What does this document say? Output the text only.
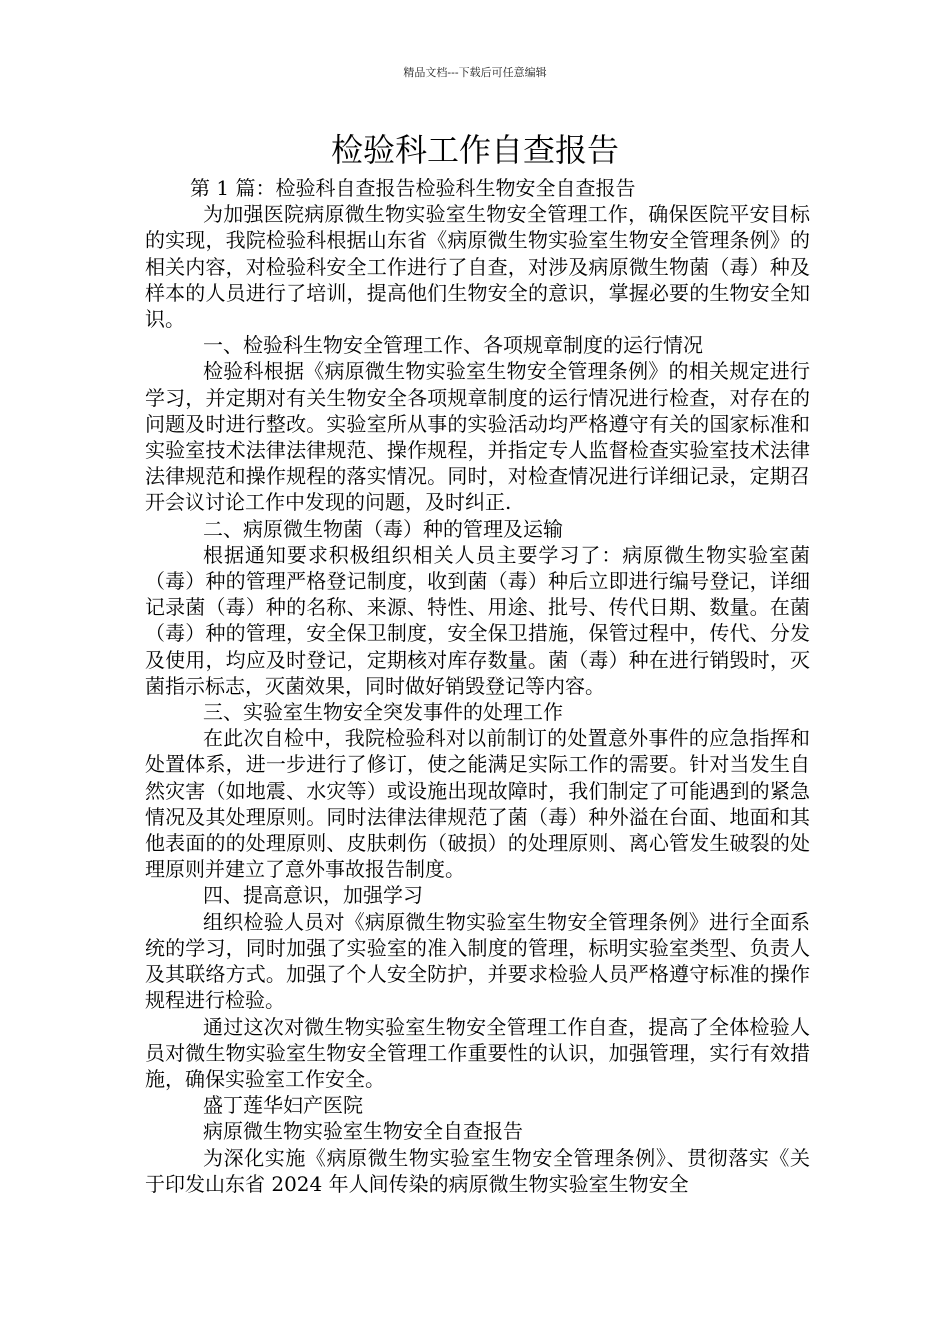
精品文档---下载后可任意编辑
检验科工作自查报告

第 1 篇：检验科自查报告检验科生物安全自查报告

为加强医院病原微生物实验室生物安全管理工作，确保医院平安目标的实现，我院检验科根据山东省《病原微生物实验室生物安全管理条例》的相关内容，对检验科安全工作进行了自查，对涉及病原微生物菌（毒）种及样本的人员进行了培训，提高他们生物安全的意识，掌握必要的生物安全知识。

一、检验科生物安全管理工作、各项规章制度的运行情况

检验科根据《病原微生物实验室生物安全管理条例》的相关规定进行学习，并定期对有关生物安全各项规章制度的运行情况进行检查，对存在的问题及时进行整改。实验室所从事的实验活动均严格遵守有关的国家标准和实验室技术法律法律规范、操作规程，并指定专人监督检查实验室技术法律法律规范和操作规程的落实情况。同时，对检查情况进行详细记录，定期召开会议讨论工作中发现的问题，及时纠正.

二、病原微生物菌（毒）种的管理及运输

根据通知要求积极组织相关人员主要学习了：病原微生物实验室菌（毒）种的管理严格登记制度，收到菌（毒）种后立即进行编号登记，详细记录菌（毒）种的名称、来源、特性、用途、批号、传代日期、数量。在菌（毒）种的管理，安全保卫制度，安全保卫措施，保管过程中，传代、分发及使用，均应及时登记，定期核对库存数量。菌（毒）种在进行销毁时，灭菌指示标志，灭菌效果，同时做好销毁登记等内容。

三、实验室生物安全突发事件的处理工作

在此次自检中，我院检验科对以前制订的处置意外事件的应急指挥和处置体系，进一步进行了修订，使之能满足实际工作的需要。针对当发生自然灾害（如地震、水灾等）或设施出现故障时，我们制定了可能遇到的紧急情况及其处理原则。同时法律法律规范了菌（毒）种外溢在台面、地面和其他表面的的处理原则、皮肤刺伤（破损）的处理原则、离心管发生破裂的处理原则并建立了意外事故报告制度。

四、提高意识，加强学习

组织检验人员对《病原微生物实验室生物安全管理条例》进行全面系统的学习，同时加强了实验室的准入制度的管理，标明实验室类型、负责人及其联络方式。加强了个人安全防护，并要求检验人员严格遵守标准的操作规程进行检验。

通过这次对微生物实验室生物安全管理工作自查，提高了全体检验人员对微生物实验室生物安全管理工作重要性的认识，加强管理，实行有效措施，确保实验室工作安全。

盛丁莲华妇产医院

病原微生物实验室生物安全自查报告

为深化实施《病原微生物实验室生物安全管理条例》、贯彻落实《关于印发山东省 2024 年人间传染的病原微生物实验室生物安全
